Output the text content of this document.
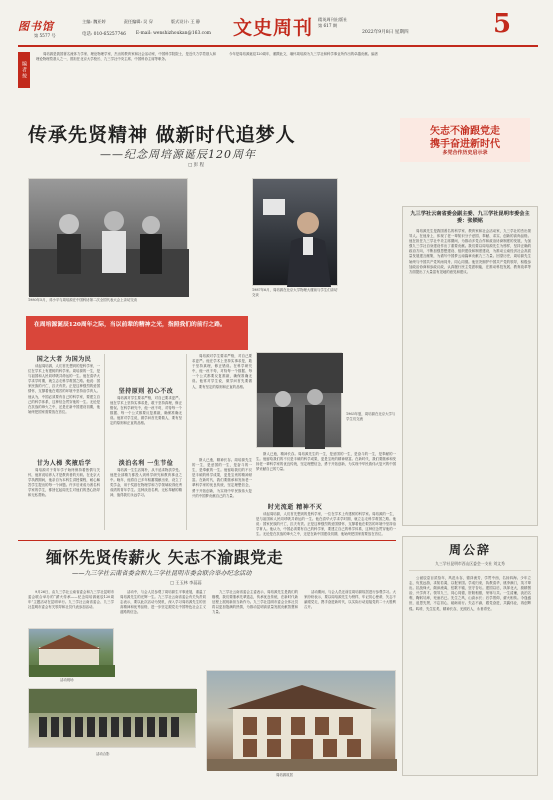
图书馆
第 5577 号
主编: 魏亚婷	责任编辑: 吴 穿	版式设计: 王 静
电话: 010-65257746 E-mail: wenshizhoukan@163.com 文史周刊 精英周刊出版社
第 617 期
2022年9月8日 星期四	5
编者按
周培源是我国著名流体力学家、理论物理学家，杰出的教育家和社会活动家，中国科学院院士，是近代力学奠基人和理论物理奠基人之一，曾担任北京大学校长、九三学社中央主席、中国科协主席等职务。
今年是周培源诞辰120周年，谨撰此文，缅怀周培源为九三学社和科学事业所作出的卓越贡献。编者
矢志不渝跟党走
携手奋进新时代
多党合作历史启示录
传承先贤精神 做新时代追梦人
——纪念周培源诞辰120周年
□ 彭 程
1980年5月，邓小平与周培源在中国科协第二次全国代表大会上亲切交谈
1987年6月，周培源在北京大学物理大楼前与学生们亲切交谈
在周培源诞辰120周年之际，当以前辈的精神之光，指照我们的前行之路。
1963年夏，周培源在北京大学与学生们交流
国之大者 为国为民
谈起周培源，人们首先想到的是科学家，一位在学术上有建树的科学家。周培源的一生，是与祖国和人民同呼吸共命运的一生。他在清华大学求学时期，就立志走科学救国之路。他说：国家民族的兴亡，匹夫有责。正是这种强烈的爱国情怀，支撑着他在艰苦的环境中坚持治学育人。他认为，中国必须要有自己的科学家，要建立自己的科学体系，这种信念贯穿他的一生。无论是在抗战的烽火之中，还是在新中国建设初期，他始终把国家需要放在首位。
甘为人梯 奖掖后学
周培源对于青年学子始终保持着热情与关怀，他常说培养人才是教育者的天职。在北京大学执教期间，他亲自为本科生讲授课程，耐心解答学生提出的每一个问题。许多后来成为著名科学家的学生，都回忆起周先生对他们的悉心指导和无私帮助。
坚持原则 初心不改
周培源对学生要求严格，对自己要求更严。他在学术上坚持实事求是，敢于坚持真理，修正错误。在科学研究中，他一丝不苟，对待每一个数据、每一个公式都要反复推敲，确保准确无误。他常对学生说，做学问首先要做人，要有坚定的原则和正直的品格。
淡泊名利 一生节俭
周培源一生生活简朴，从不追求物质享受。他把全部精力都投入到科学研究和教育事业之中。晚年，他将自己多年积蓄捐献出来，设立了奖学金，用于奖励在物理学和力学领域取得优秀成绩的青年学生。这种淡泊名利、无私奉献的精神，值得我们永远学习。
周培源对学生要求严格，对自己要求更严。他在学术上坚持实事求是，敢于坚持真理，修正错误。在科学研究中，他一丝不苟，对待每一个数据、每一个公式都要反复推敲，确保准确无误。他常对学生说，做学问首先要做人，要有坚定的原则和正直的品格。
时光流逝 精神不灭
斯人已逝，精神长存。周培源先生的一生，是爱国的一生，是奋斗的一生，是奉献的一生。他留给我们的不仅是丰硕的科学成果，更是宝贵的精神财富。在新时代，我们要继承和发扬老一辈科学家的优良传统，坚定理想信念，勇于开拓创新，为实现中华民族伟大复兴的中国梦贡献自己的力量。
斯人已逝，精神长存。周培源先生的一生，是爱国的一生，是奋斗的一生，是奉献的一生。他留给我们的不仅是丰硕的科学成果，更是宝贵的精神财富。在新时代，我们要继承和发扬老一辈科学家的优良传统，坚定理想信念，勇于开拓创新，为实现中华民族伟大复兴的中国梦贡献自己的力量。
谈起周培源，人们首先想到的是科学家，一位在学术上有建树的科学家。周培源的一生，是与祖国和人民同呼吸共命运的一生。他在清华大学求学时期，就立志走科学救国之路。他说：国家民族的兴亡，匹夫有责。正是这种强烈的爱国情怀，支撑着他在艰苦的环境中坚持治学育人。他认为，中国必须要有自己的科学家，要建立自己的科学体系，这种信念贯穿他的一生。无论是在抗战的烽火之中，还是在新中国建设初期，他始终把国家需要放在首位。
九三学社云南省委会副主委、九三学社昆明市委会主委：张锁铭
周培源先生是我国著名的科学家、教育家和社会活动家，九三学社的杰出领导人。在他身上，体现了老一辈知识分子爱国、奉献、求实、创新的高尚品格。他在担任九三学社中央主席期间，为推动多党合作和政治协商制度的发展，为加强九三学社自身建设作出了重要贡献。我们要以周培源先生为榜样，坚持正确的政治方向，不断加强思想建设、组织建设和制度建设，为推动云南经济社会高质量发展建言献策，为谱写中国梦云南篇章贡献九三力量。回望历史，周培源先生始终与中国共产党风雨同舟、同心同德。他坚决拥护中国共产党的领导，积极参加政治协商和参政议政，认真履行民主党派职能，在推动科技发展、教育改革等方面提出了大量富有见地的意见和建议。
缅怀先贤传薪火 矢志不渝跟党走
——九三学社云南省委会和九三学社昆明市委会联合举办纪念活动
□ 王玉林 李蕊蕊
9月26日，由九三学社云南省委会和九三学社昆明市委会联合举办的“薪火传承——纪念周培源诞辰120周年”主题活动在昆明举行。九三学社云南省委会、九三学社昆明市委会有关领导和社员代表参加活动。
活动中，与会人员参观了周培源生平事迹展，重温了周培源先生的光辉一生。九三学社云南省委会有关负责同志表示，要以此次活动为契机，深入学习周培源先生的崇高精神和优秀品格，进一步坚定跟党走中国特色社会主义道路的信念。
九三学社云南省委会主委表示，周培源先生是我们的楷模，我们要继承先辈遗志，传承优良传统，在新时代新征程上展现新担当新作为。九三学社昆明市委会全体社员将以更加饱满的热情，为推动昆明高质量发展贡献智慧和力量。
活动期间，与会人员还前往周培源故居进行参观学习。大家纷纷表示，要以周培源先生为榜样，牢记初心使命，矢志不渝跟党走，携手奋进新时代，以实际行动迎接党的二十大胜利召开。
活动现场
活动合影
周培源故居
周公辞
九三学社昆明市西山区委会一支社 刘文秀
公诞辰壹百贰拾年，风范永存，德泽流芳，学贯中西，名扬四海。少年立志，负笈远游，求知若渴，以报家国。学成归来，执教清华，桃李满门，英才辈出。抗战烽火，颠沛流离，弦歌不辍，坚守杏坛。建国以后，执掌北大，励精图治，兴学育才。领导九三，同心同德，肝胆相照，荣辱与共。一生清廉，淡泊名利，鞠躬尽瘁，死而后已。先生之风，山高水长；后学景仰，薪火相传。今逢盛世，追思先贤，不忘初心，砥砺前行。矢志不渝，跟党奋进，共襄伟业，再创辉煌。呜呼，先生往矣，精神长存，光照后人，永垂青史。
